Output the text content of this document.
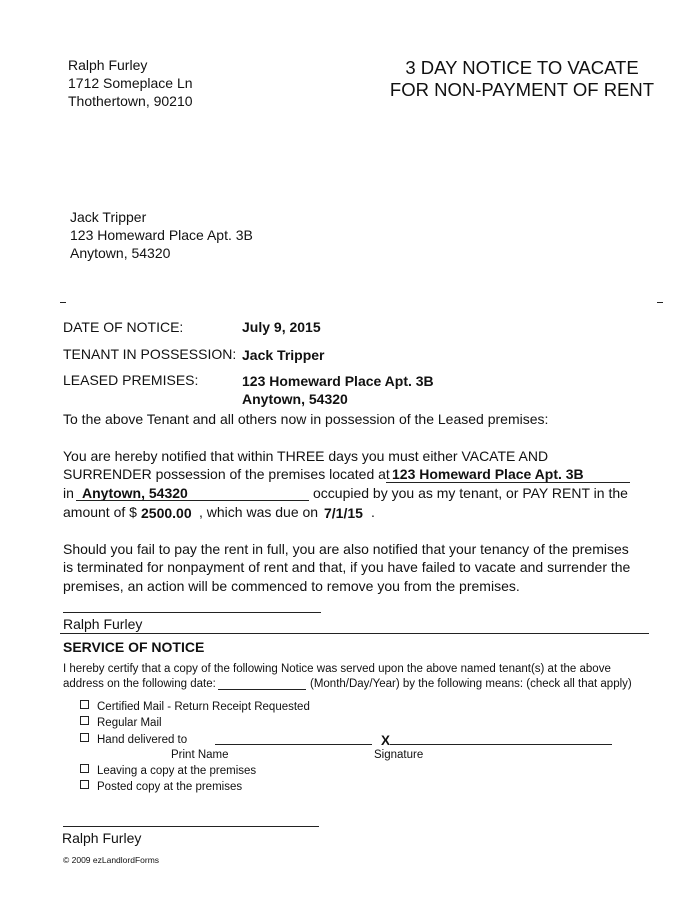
Ralph Furley
1712 Someplace Ln
Thothertown, 90210
3 DAY NOTICE TO VACATE
FOR NON-PAYMENT OF RENT
Jack Tripper
123 Homeward Place Apt. 3B
Anytown, 54320
DATE OF NOTICE:	July 9, 2015
TENANT IN POSSESSION: Jack Tripper
LEASED PREMISES:	123 Homeward Place Apt. 3B
Anytown, 54320
To the above Tenant and all others now in possession of the Leased premises:
You are hereby notified that within THREE days you must either VACATE AND
SURRENDER possession of the premises located at 123 Homeward Place Apt. 3B
in Anytown, 54320	occupied by you as my tenant, or PAY RENT in the
amount of $ 2500.00 , which was due on 7/1/15 .
Should you fail to pay the rent in full, you are also notified that your tenancy of the premises
is terminated for nonpayment of rent and that, if you have failed to vacate and surrender the
premises, an action will be commenced to remove you from the premises.
Ralph Furley
SERVICE OF NOTICE
I hereby certify that a copy of the following Notice was served upon the above named tenant(s) at the above
address on the following date:	(Month/Day/Year) by the following means: (check all that apply)
Certified Mail - Return Receipt Requested
Regular Mail
Hand delivered to	X
Print Name	Signature
Leaving a copy at the premises
Posted copy at the premises
Ralph Furley
© 2009 ezLandlordForms
